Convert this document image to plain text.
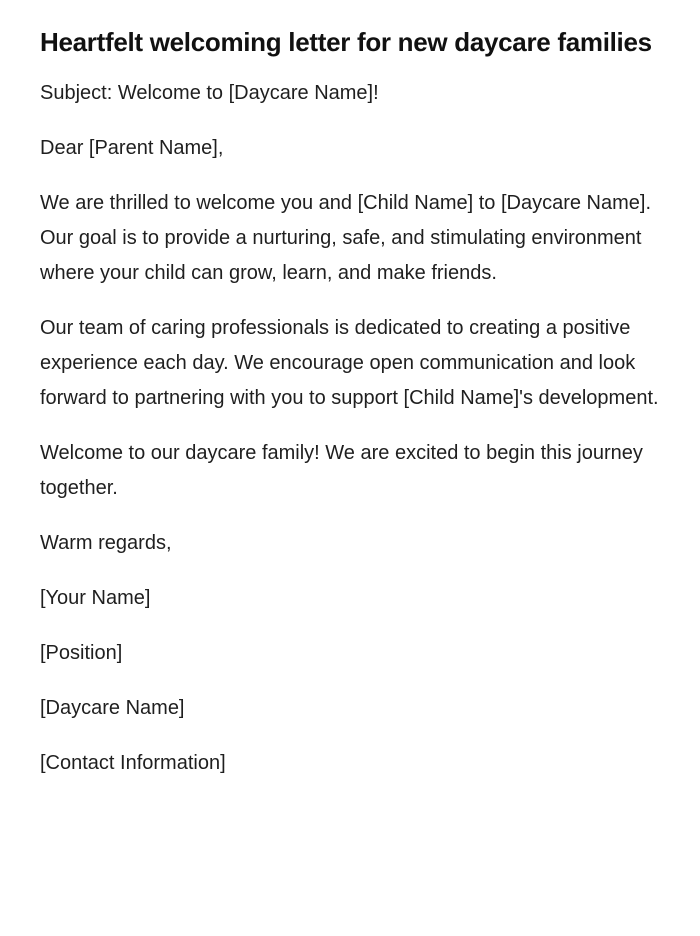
Heartfelt welcoming letter for new daycare families

Subject: Welcome to [Daycare Name]!

Dear [Parent Name],

We are thrilled to welcome you and [Child Name] to [Daycare Name]. Our goal is to provide a nurturing, safe, and stimulating environment where your child can grow, learn, and make friends.

Our team of caring professionals is dedicated to creating a positive experience each day. We encourage open communication and look forward to partnering with you to support [Child Name]'s development.

Welcome to our daycare family! We are excited to begin this journey together.

Warm regards,

[Your Name]

[Position]

[Daycare Name]

[Contact Information]
